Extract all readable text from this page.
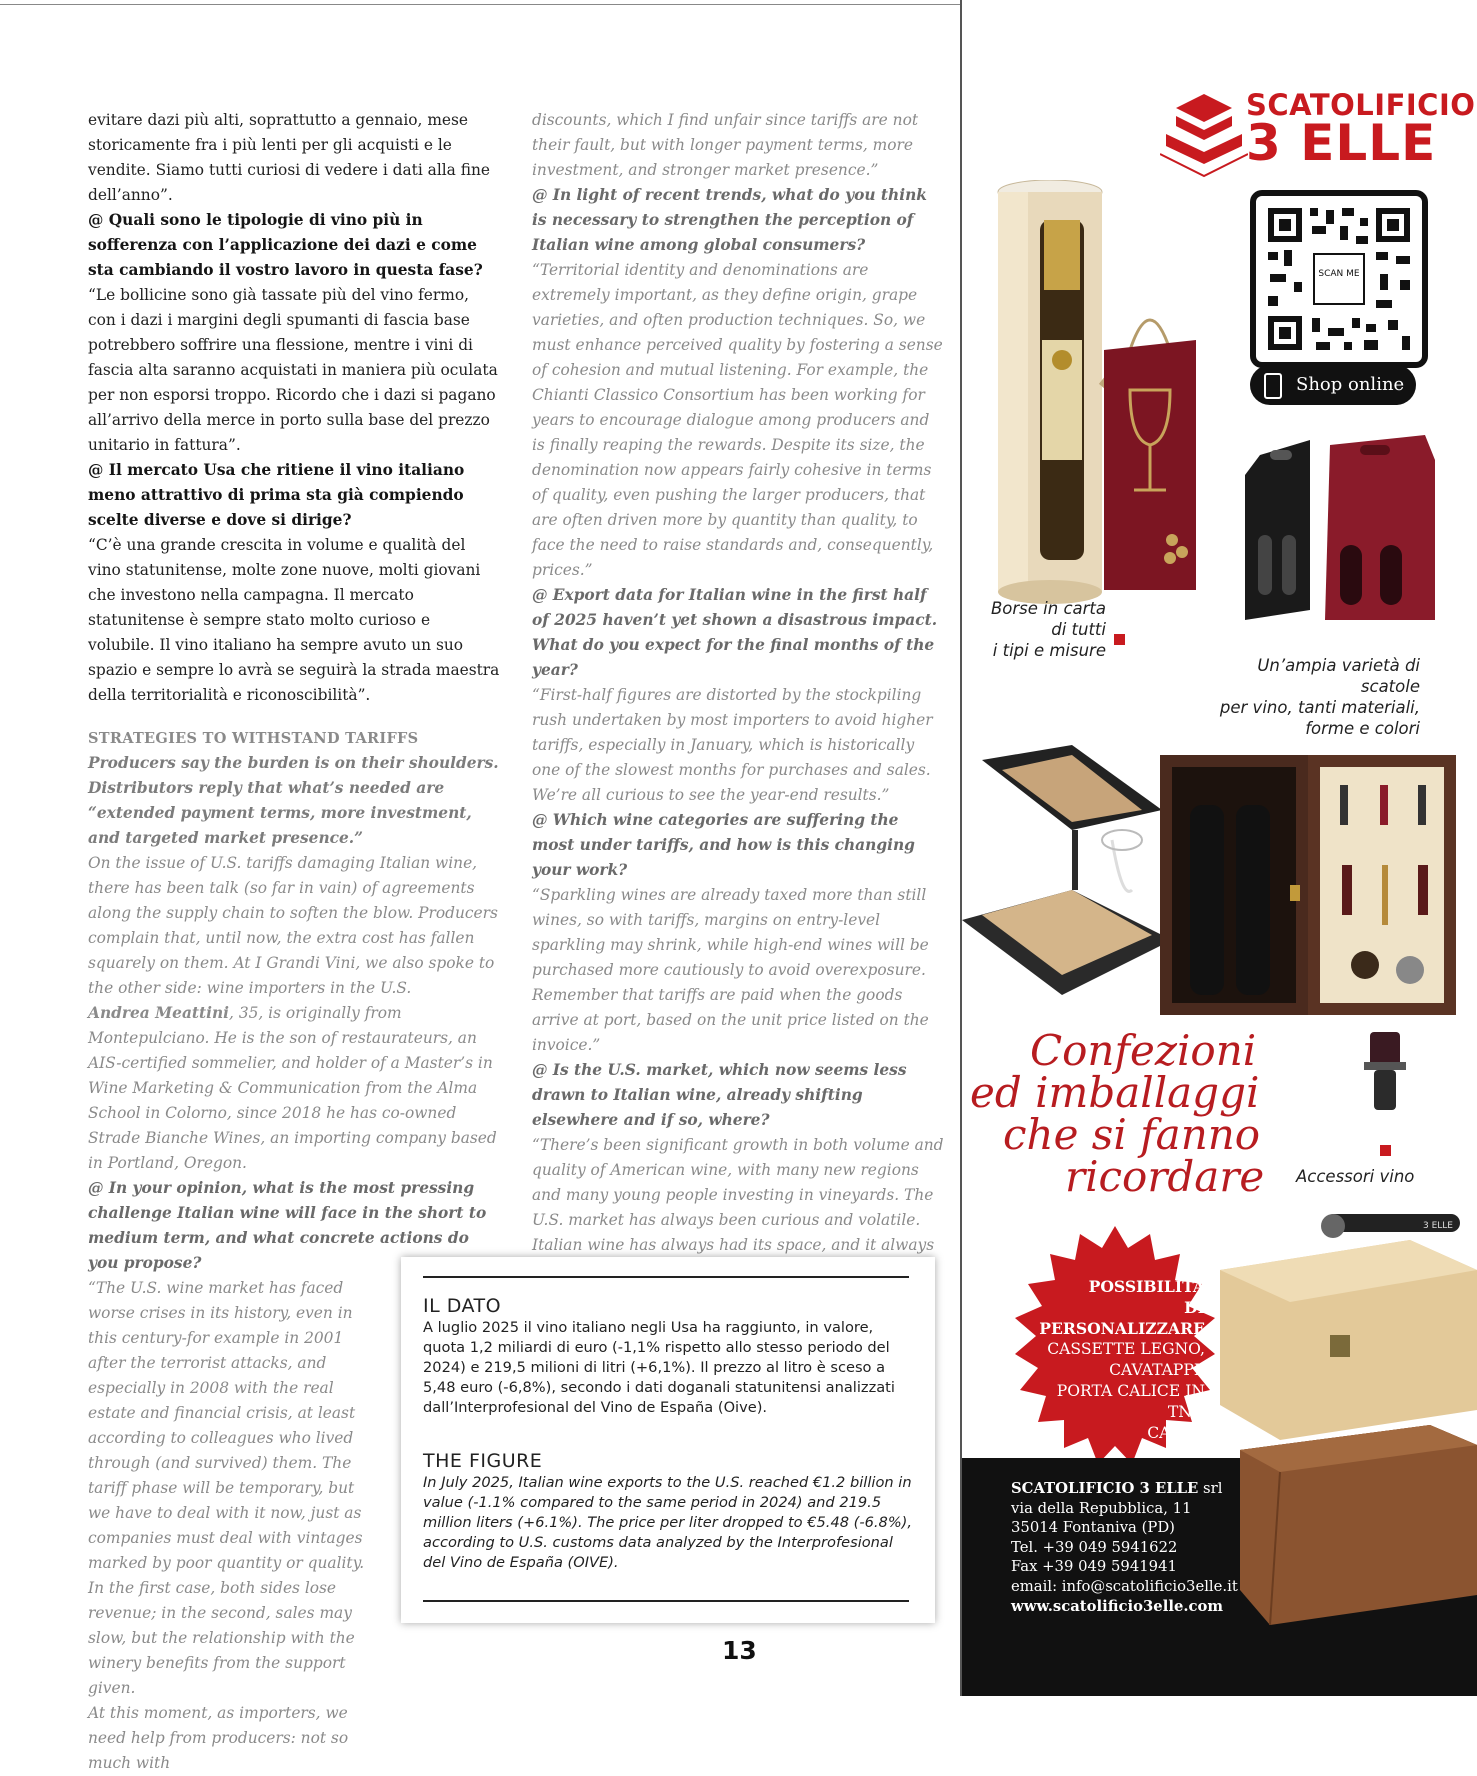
evitare dazi più alti, soprattutto a gennaio, mese storicamente fra i più lenti per gli acquisti e le vendite. Siamo tutti curiosi di vedere i dati alla fine dell’anno”.

@ Quali sono le tipologie di vino più in sofferenza con l’applicazione dei dazi e come sta cambiando il vostro lavoro in questa fase?

“Le bollicine sono già tassate più del vino fermo, con i dazi i margini degli spumanti di fascia base potrebbero soffrire una flessione, mentre i vini di fascia alta saranno acquistati in maniera più oculata per non esporsi troppo. Ricordo che i dazi si pagano all’arrivo della merce in porto sulla base del prezzo unitario in fattura”.

@ Il mercato Usa che ritiene il vino italiano meno attrattivo di prima sta già compiendo scelte diverse e dove si dirige?

“C’è una grande crescita in volume e qualità del vino statunitense, molte zone nuove, molti giovani che investono nella campagna. Il mercato statunitense è sempre stato molto curioso e volubile. Il vino italiano ha sempre avuto un suo spazio e sempre lo avrà se seguirà la strada maestra della territorialità e riconoscibilità”.

STRATEGIES TO WITHSTAND TARIFFS

Producers say the burden is on their shoulders. Distributors reply that what’s needed are “extended payment terms, more investment, and targeted market presence.”

On the issue of U.S. tariffs damaging Italian wine, there has been talk (so far in vain) of agreements along the supply chain to soften the blow. Producers complain that, until now, the extra cost has fallen squarely on them. At I Grandi Vini, we also spoke to the other side: wine importers in the U.S.

Andrea Meattini, 35, is originally from Montepulciano. He is the son of restaurateurs, an AIS-certified sommelier, and holder of a Master’s in Wine Marketing & Communication from the Alma School in Colorno, since 2018 he has co-owned Strade Bianche Wines, an importing company based in Portland, Oregon.

@ In your opinion, what is the most pressing challenge Italian wine will face in the short to medium term, and what concrete actions do you propose?

“The U.S. wine market has faced worse crises in its history, even in this century-for example in 2001 after the terrorist attacks, and especially in 2008 with the real estate and financial crisis, at least according to colleagues who lived through (and survived) them. The tariff phase will be temporary, but we have to deal with it now, just as companies must deal with vintages marked by poor quantity or quality. In the first case, both sides lose revenue; in the second, sales may slow, but the relationship with the winery benefits from the support given.

At this moment, as importers, we need help from producers: not so much with

discounts, which I find unfair since tariffs are not their fault, but with longer payment terms, more investment, and stronger market presence.”

@ In light of recent trends, what do you think is necessary to strengthen the perception of Italian wine among global consumers?

“Territorial identity and denominations are extremely important, as they define origin, grape varieties, and often production techniques. So, we must enhance perceived quality by fostering a sense of cohesion and mutual listening. For example, the Chianti Classico Consortium has been working for years to encourage dialogue among producers and is finally reaping the rewards. Despite its size, the denomination now appears fairly cohesive in terms of quality, even pushing the larger producers, that are often driven more by quantity than quality, to face the need to raise standards and, consequently, prices.”

@ Export data for Italian wine in the first half of 2025 haven’t yet shown a disastrous impact. What do you expect for the final months of the year?

“First-half figures are distorted by the stockpiling rush undertaken by most importers to avoid higher tariffs, especially in January, which is historically one of the slowest months for purchases and sales. We’re all curious to see the year-end results.”

@ Which wine categories are suffering the most under tariffs, and how is this changing your work?

“Sparkling wines are already taxed more than still wines, so with tariffs, margins on entry-level sparkling may shrink, while high-end wines will be purchased more cautiously to avoid overexposure. Remember that tariffs are paid when the goods arrive at port, based on the unit price listed on the invoice.”

@ Is the U.S. market, which now seems less drawn to Italian wine, already shifting elsewhere and if so, where?

“There’s been significant growth in both volume and quality of American wine, with many new regions and many young people investing in vineyards. The U.S. market has always been curious and volatile. Italian wine has always had its space, and it always

IL DATO
A luglio 2025 il vino italiano negli Usa ha raggiunto, in valore, quota 1,2 miliardi di euro (-1,1% rispetto allo stesso periodo del 2024) e 219,5 milioni di litri (+6,1%). Il prezzo al litro è sceso a 5,48 euro (-6,8%), secondo i dati doganali statunitensi analizzati dall’Interprofesional del Vino de España (Oive).
THE FIGURE
In July 2025, Italian wine exports to the U.S. reached €1.2 billion in value (-1.1% compared to the same period in 2024) and 219.5 million liters (+6.1%). The price per liter dropped to €5.48 (-6.8%), according to U.S. customs data analyzed by the Interprofesional del Vino de España (OIVE).
13
SCATOLIFICIO
3 ELLE
SCAN ME
Shop online
Borse in carta
di tutti
i tipi e misure
Un’ampia varietà di scatole
per vino, tanti materiali,
forme e colori
Confezioni
ed imballaggi
che si fanno
ricordare Accessori vino
3 ELLE
POSSIBILITÀ
DI PERSONALIZZARE
CASSETTE LEGNO,
CAVATAPPI,
PORTA CALICE IN TNT,
CALICI
SCATOLIFICIO 3 ELLE srl
via della Repubblica, 11
35014 Fontaniva (PD)
Tel. +39 049 5941622
Fax +39 049 5941941
email: info@scatolificio3elle.it
www.scatolificio3elle.com
